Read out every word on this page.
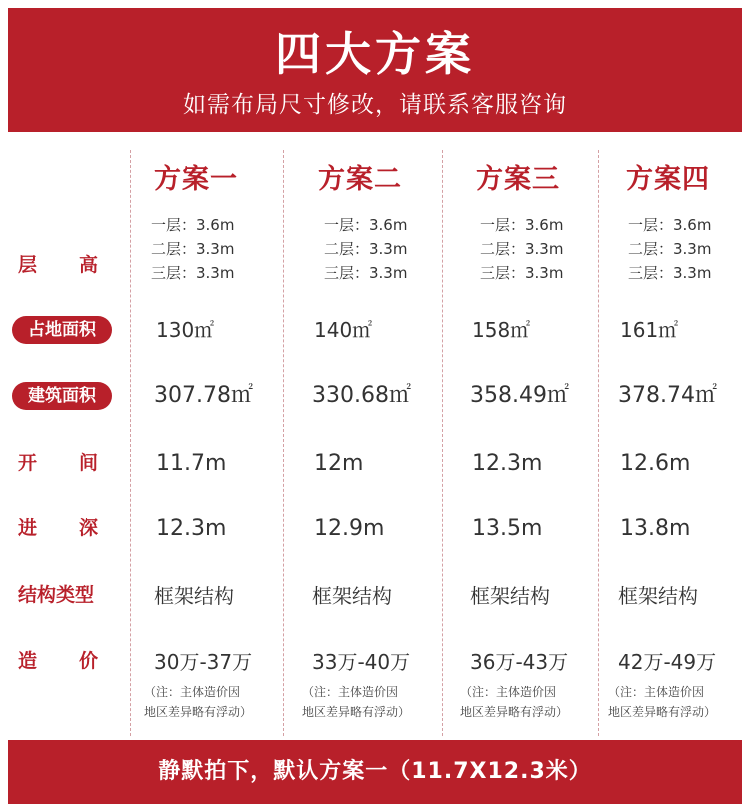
四大方案
如需布局尺寸修改，请联系客服咨询
层 高
占地面积
建筑面积
开 间
进 深
结构类型
造 价
方案一
一层：3.6m
二层：3.3m
三层：3.3m
130㎡
307.78㎡
11.7m
12.3m
框架结构
30万-37万
（注：主体造价因
地区差异略有浮动）
方案二
一层：3.6m
二层：3.3m
三层：3.3m
140㎡
330.68㎡
12m
12.9m
框架结构
33万-40万
（注：主体造价因
地区差异略有浮动）
方案三
一层：3.6m
二层：3.3m
三层：3.3m
158㎡
358.49㎡
12.3m
13.5m
框架结构
36万-43万
（注：主体造价因
地区差异略有浮动）
方案四
一层：3.6m
二层：3.3m
三层：3.3m
161㎡
378.74㎡
12.6m
13.8m
框架结构
42万-49万
（注：主体造价因
地区差异略有浮动）
静默拍下，默认方案一（11.7X12.3米）
